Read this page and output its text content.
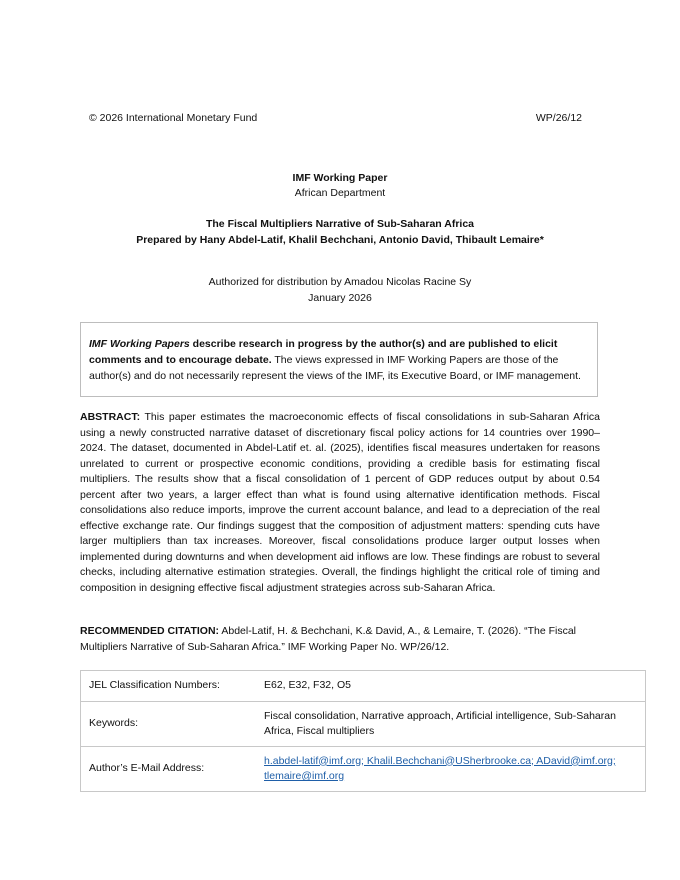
© 2026 International Monetary Fund	WP/26/12
IMF Working Paper
African Department
The Fiscal Multipliers Narrative of Sub-Saharan Africa
Prepared by Hany Abdel-Latif, Khalil Bechchani, Antonio David, Thibault Lemaire*
Authorized for distribution by Amadou Nicolas Racine Sy
January 2026
IMF Working Papers describe research in progress by the author(s) and are published to elicit comments and to encourage debate. The views expressed in IMF Working Papers are those of the author(s) and do not necessarily represent the views of the IMF, its Executive Board, or IMF management.
ABSTRACT: This paper estimates the macroeconomic effects of fiscal consolidations in sub-Saharan Africa using a newly constructed narrative dataset of discretionary fiscal policy actions for 14 countries over 1990–2024. The dataset, documented in Abdel-Latif et. al. (2025), identifies fiscal measures undertaken for reasons unrelated to current or prospective economic conditions, providing a credible basis for estimating fiscal multipliers. The results show that a fiscal consolidation of 1 percent of GDP reduces output by about 0.54 percent after two years, a larger effect than what is found using alternative identification methods. Fiscal consolidations also reduce imports, improve the current account balance, and lead to a depreciation of the real effective exchange rate. Our findings suggest that the composition of adjustment matters: spending cuts have larger multipliers than tax increases. Moreover, fiscal consolidations produce larger output losses when implemented during downturns and when development aid inflows are low. These findings are robust to several checks, including alternative estimation strategies. Overall, the findings highlight the critical role of timing and composition in designing effective fiscal adjustment strategies across sub-Saharan Africa.
RECOMMENDED CITATION: Abdel-Latif, H. & Bechchani, K.& David, A., & Lemaire, T. (2026). “The Fiscal Multipliers Narrative of Sub-Saharan Africa.” IMF Working Paper No. WP/26/12.
JEL Classification Numbers:	E62, E32, F32, O5
Keywords:	Fiscal consolidation, Narrative approach, Artificial intelligence, Sub-Saharan Africa, Fiscal multipliers
Author’s E-Mail Address:	h.abdel-latif@imf.org; Khalil.Bechchani@USherbrooke.ca; ADavid@imf.org; tlemaire@imf.org
